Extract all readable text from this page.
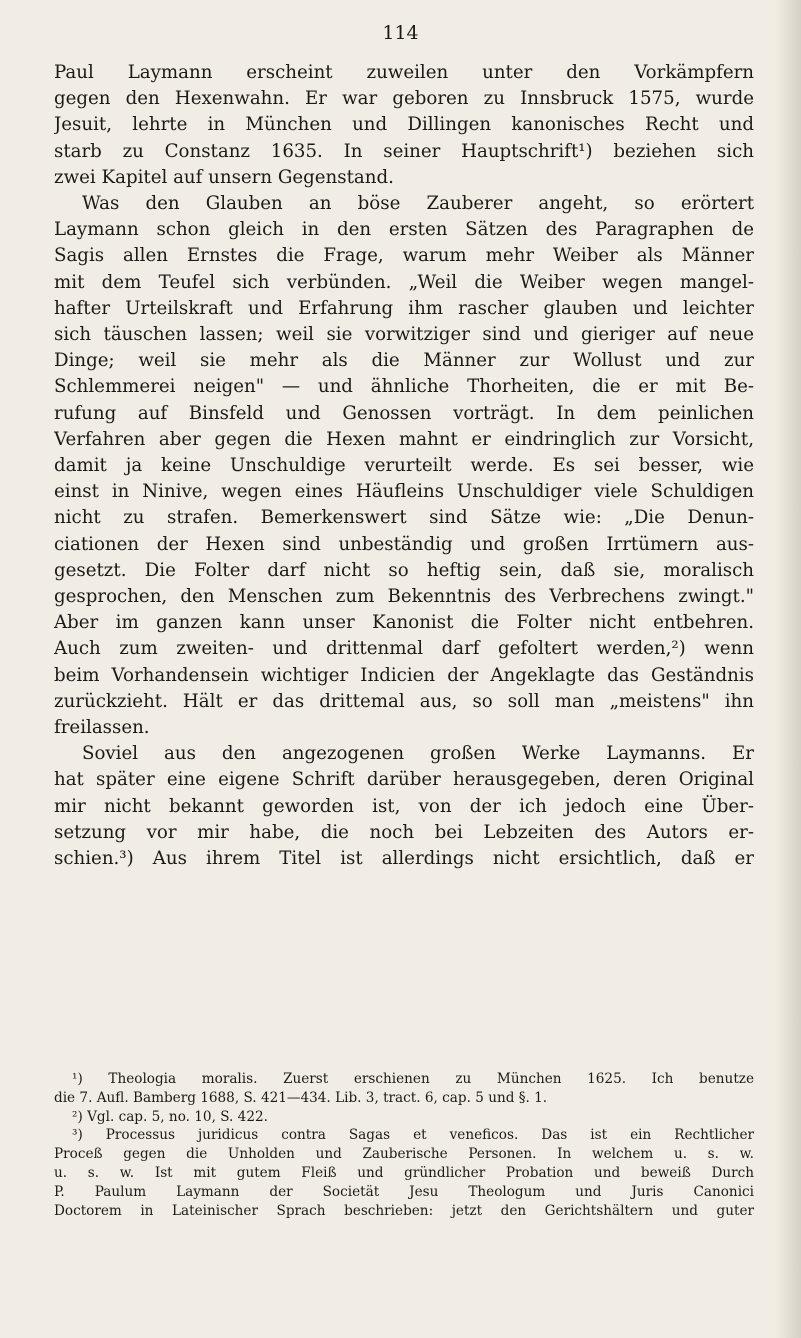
114
Paul Laymann erscheint zuweilen unter den Vorkämpfern
gegen den Hexenwahn. Er war geboren zu Innsbruck 1575, wurde
Jesuit, lehrte in München und Dillingen kanonisches Recht und
starb zu Constanz 1635. In seiner Hauptschrift¹) beziehen sich
zwei Kapitel auf unsern Gegenstand.
Was den Glauben an böse Zauberer angeht, so erörtert
Laymann schon gleich in den ersten Sätzen des Paragraphen de
Sagis allen Ernstes die Frage, warum mehr Weiber als Männer
mit dem Teufel sich verbünden. „Weil die Weiber wegen mangel-
hafter Urteilskraft und Erfahrung ihm rascher glauben und leichter
sich täuschen lassen; weil sie vorwitziger sind und gieriger auf neue
Dinge; weil sie mehr als die Männer zur Wollust und zur
Schlemmerei neigen" — und ähnliche Thorheiten, die er mit Be-
rufung auf Binsfeld und Genossen vorträgt. In dem peinlichen
Verfahren aber gegen die Hexen mahnt er eindringlich zur Vorsicht,
damit ja keine Unschuldige verurteilt werde. Es sei besser, wie
einst in Ninive, wegen eines Häufleins Unschuldiger viele Schuldigen
nicht zu strafen. Bemerkenswert sind Sätze wie: „Die Denun-
ciationen der Hexen sind unbeständig und großen Irrtümern aus-
gesetzt. Die Folter darf nicht so heftig sein, daß sie, moralisch
gesprochen, den Menschen zum Bekenntnis des Verbrechens zwingt."
Aber im ganzen kann unser Kanonist die Folter nicht entbehren.
Auch zum zweiten- und drittenmal darf gefoltert werden,²) wenn
beim Vorhandensein wichtiger Indicien der Angeklagte das Geständnis
zurückzieht. Hält er das drittemal aus, so soll man „meistens" ihn
freilassen.
Soviel aus den angezogenen großen Werke Laymanns. Er
hat später eine eigene Schrift darüber herausgegeben, deren Original
mir nicht bekannt geworden ist, von der ich jedoch eine Über-
setzung vor mir habe, die noch bei Lebzeiten des Autors er-
schien.³) Aus ihrem Titel ist allerdings nicht ersichtlich, daß er
¹) Theologia moralis. Zuerst erschienen zu München 1625. Ich benutze
die 7. Aufl. Bamberg 1688, S. 421—434. Lib. 3, tract. 6, cap. 5 und §. 1.
²) Vgl. cap. 5, no. 10, S. 422.
³) Processus juridicus contra Sagas et veneficos. Das ist ein Rechtlicher
Proceß gegen die Unholden und Zauberische Personen. In welchem u. s. w.
u. s. w. Ist mit gutem Fleiß und gründlicher Probation und beweiß Durch
P. Paulum Laymann der Societät Jesu Theologum und Juris Canonici
Doctorem in Lateinischer Sprach beschrieben: jetzt den Gerichtshältern und guter
